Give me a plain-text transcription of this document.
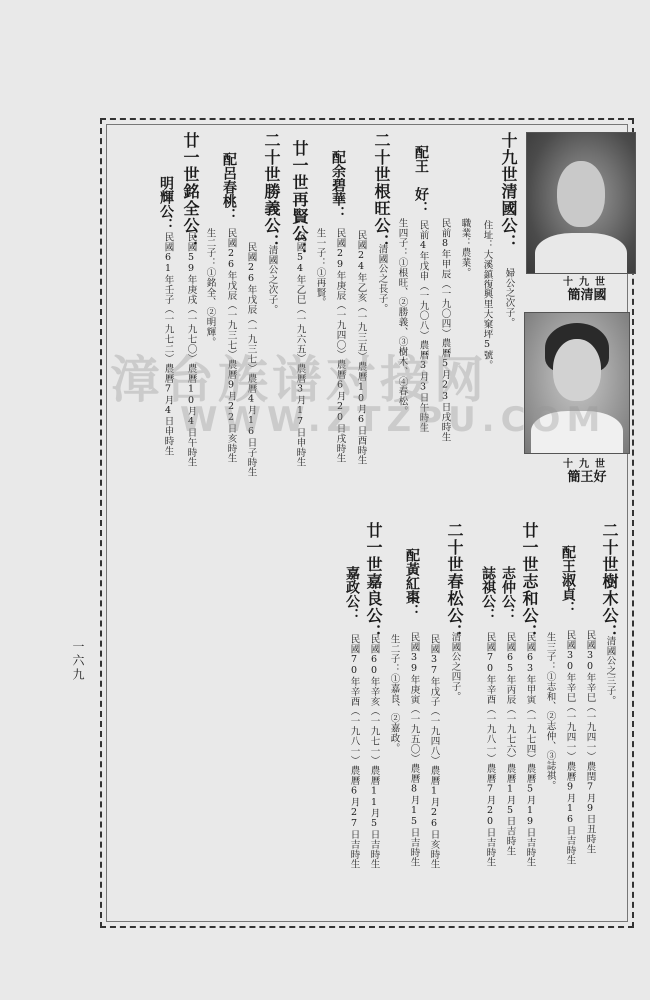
十九世
簡清國
十九世
簡王好
十九世清國公：
婦公之次子。
住址：大溪鎮復興里大窠坪5號。
職業：農業。
民前8年甲辰（一九〇四）農曆5月23日戌時生
配王　好：
民前4年戊申（一九〇八）農曆3月3日午時生
生四子：①根旺、②勝義、③樹木、④春松。
二十世根旺公：
清國公之長子。
民國24年乙亥（一九三五）農曆10月6日酉時生
配余碧華：
民國29年庚辰（一九四〇）農曆6月20日戌時生
生一子：①再賢。
廿一世再賢公：
民國54年乙巳（一九六五）農曆3月17日申時生
二十世勝義公：
清國公之次子。
民國26年戊辰（一九三七）農曆4月16日子時生
配呂春桃：
民國26年戊辰（一九三七）農曆9月22日亥時生
生二子：①銘全、②明輝。
廿一世銘全公：
民國59年庚戌（一九七〇）農曆10月4日午時生
明輝公：
民國61年壬子（一九七二）農曆7月4日申時生
二十世樹木公：
清國公之三子。
民國30年辛巳（一九四一）農閏7月9日丑時生
配王淑貞：
民國30年辛巳（一九四一）農曆9月16日吉時生
生三子：①志和、②志仲、③誌祺。
廿一世志和公：
民國63年甲寅（一九七四）農曆5月19日吉時生
志仲公：
民國65年丙辰（一九七六）農曆1月5日吉時生
誌祺公：
民國70年辛酉（一九八一）農曆7月20日吉時生
二十世春松公：
清國公之四子。
民國37年戊子（一九四八）農曆1月26日亥時生
配黃紅棗：
民國39年庚寅（一九五〇）農曆8月15日吉時生
生二子：①嘉良、②嘉政。
廿一世嘉良公：
民國60年辛亥（一九七一）農曆11月5日吉時生
嘉政公：
民國70年辛酉（一九八一）農曆6月27日吉時生
漳台族谱对接网
WWW.ZTZPU.COM
一六九
